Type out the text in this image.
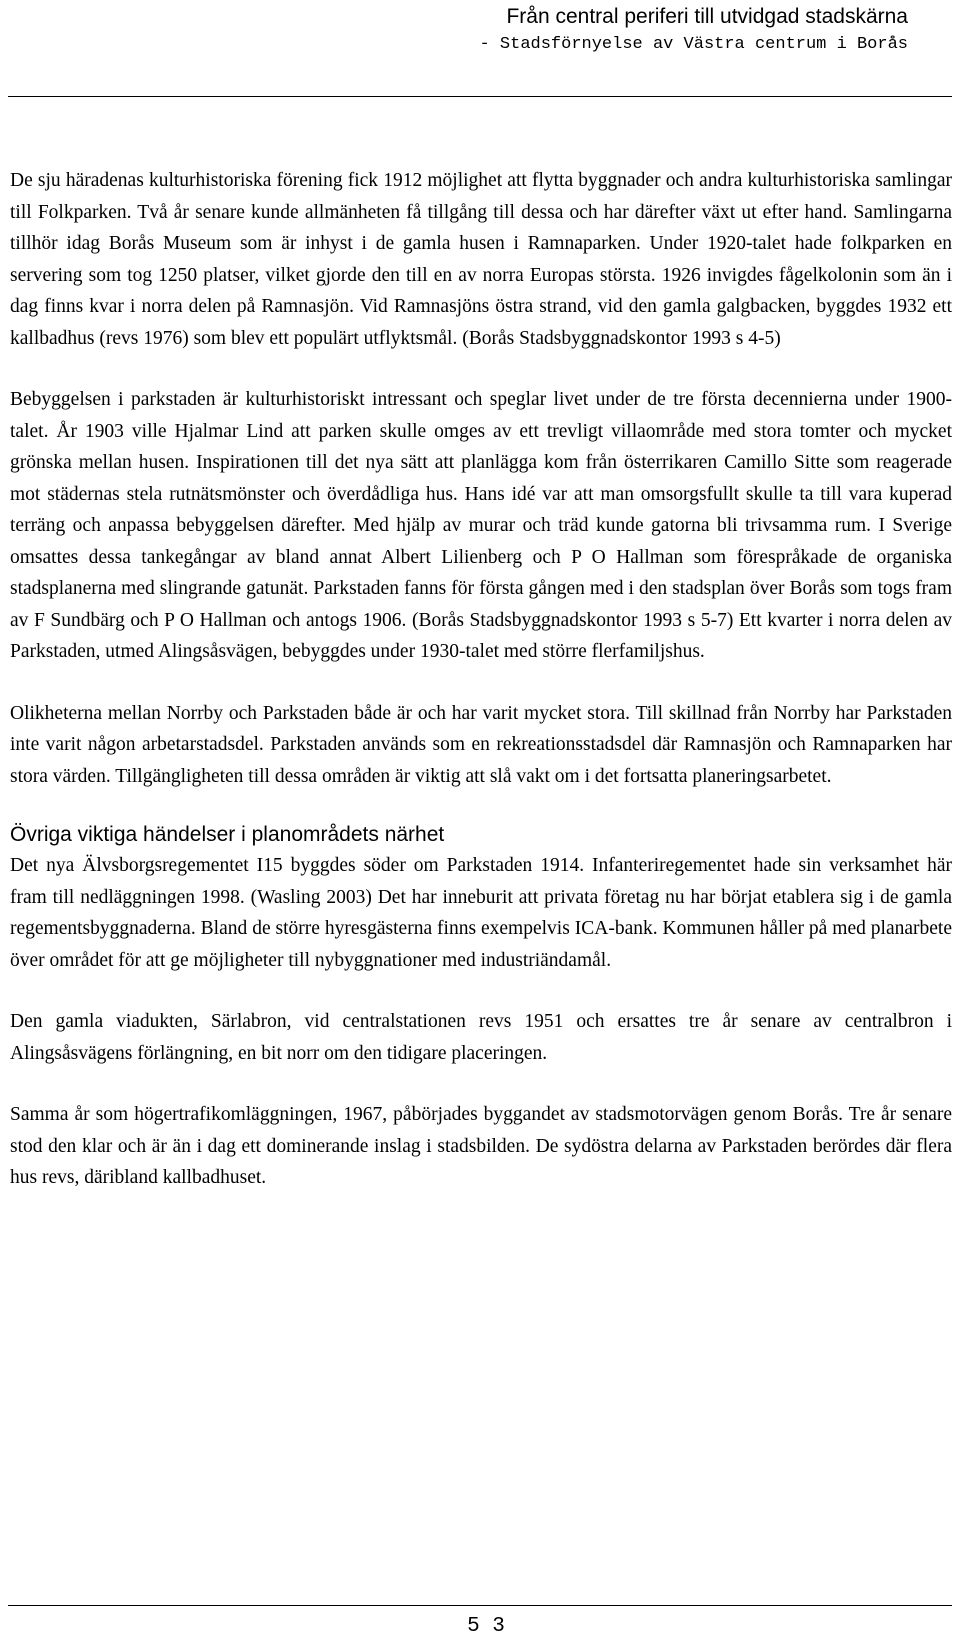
Från central periferi till utvidgad stadskärna
- Stadsförnyelse av Västra centrum i Borås

De sju häradenas kulturhistoriska förening fick 1912 möjlighet att flytta byggnader och andra kulturhistoriska samlingar till Folkparken. Två år senare kunde allmänheten få tillgång till dessa och har därefter växt ut efter hand. Samlingarna tillhör idag Borås Museum som är inhyst i de gamla husen i Ramnaparken. Under 1920-talet hade folkparken en servering som tog 1250 platser, vilket gjorde den till en av norra Europas största. 1926 invigdes fågelkolonin som än i dag finns kvar i norra delen på Ramnasjön. Vid Ramnasjöns östra strand, vid den gamla galgbacken, byggdes 1932 ett kallbadhus (revs 1976) som blev ett populärt utflyktsmål. (Borås Stadsbyggnadskontor 1993 s 4-5)

Bebyggelsen i parkstaden är kulturhistoriskt intressant och speglar livet under de tre första decennierna under 1900-talet. År 1903 ville Hjalmar Lind att parken skulle omges av ett trevligt villaområde med stora tomter och mycket grönska mellan husen. Inspirationen till det nya sätt att planlägga kom från österrikaren Camillo Sitte som reagerade mot städernas stela rutnätsmönster och överdådliga hus. Hans idé var att man omsorgsfullt skulle ta till vara kuperad terräng och anpassa bebyggelsen därefter. Med hjälp av murar och träd kunde gatorna bli trivsamma rum. I Sverige omsattes dessa tankegångar av bland annat Albert Lilienberg och P O Hallman som förespråkade de organiska stadsplanerna med slingrande gatunät. Parkstaden fanns för första gången med i den stadsplan över Borås som togs fram av F Sundbärg och P O Hallman och antogs 1906. (Borås Stadsbyggnadskontor 1993 s 5-7) Ett kvarter i norra delen av Parkstaden, utmed Alingsåsvägen, bebyggdes under 1930-talet med större flerfamiljshus.

Olikheterna mellan Norrby och Parkstaden både är och har varit mycket stora. Till skillnad från Norrby har Parkstaden inte varit någon arbetarstadsdel. Parkstaden används som en rekreationsstadsdel där Ramnasjön och Ramnaparken har stora värden. Tillgängligheten till dessa områden är viktig att slå vakt om i det fortsatta planeringsarbetet.

Övriga viktiga händelser i planområdets närhet

Det nya Älvsborgsregementet I15 byggdes söder om Parkstaden 1914. Infanteriregementet hade sin verksamhet här fram till nedläggningen 1998. (Wasling 2003) Det har inneburit att privata företag nu har börjat etablera sig i de gamla regementsbyggnaderna. Bland de större hyresgästerna finns exempelvis ICA-bank. Kommunen håller på med planarbete över området för att ge möjligheter till nybyggnationer med industriändamål.

Den gamla viadukten, Särlabron, vid centralstationen revs 1951 och ersattes tre år senare av centralbron i Alingsåsvägens förlängning, en bit norr om den tidigare placeringen.

Samma år som högertrafikomläggningen, 1967, påbörjades byggandet av stadsmotorvägen genom Borås. Tre år senare stod den klar och är än i dag ett dominerande inslag i stadsbilden. De sydöstra delarna av Parkstaden berördes där flera hus revs, däribland kallbadhuset.

5 3
